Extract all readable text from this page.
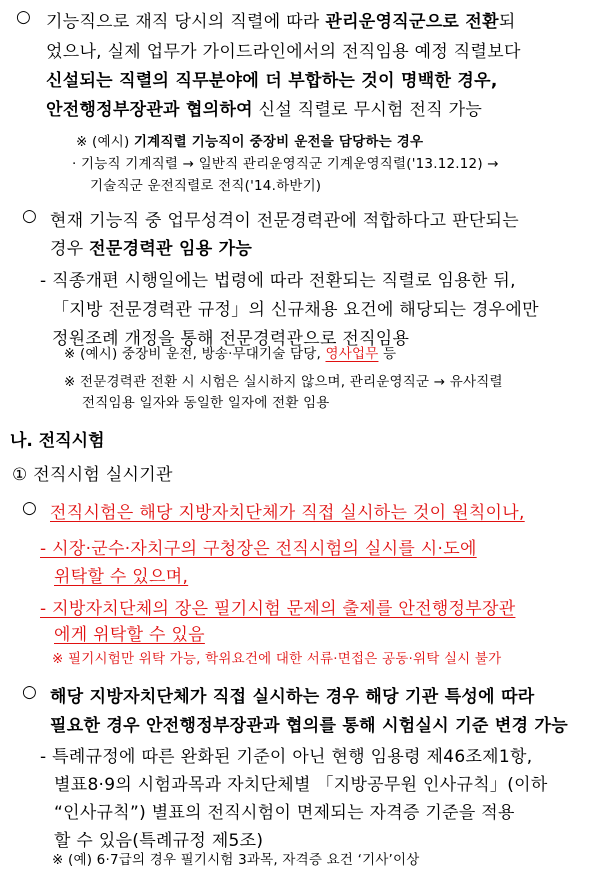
○ 기능직으로 재직 당시의 직렬에 따라 관리운영직군으로 전환되
었으나, 실제 업무가 가이드라인에서의 전직임용 예정 직렬보다
신설되는 직렬의 직무분야에 더 부합하는 것이 명백한 경우,
안전행정부장관과 협의하여 신설 직렬로 무시험 전직 가능
※ (예시) 기계직렬 기능직이 중장비 운전을 담당하는 경우
· 기능직 기계직렬 → 일반직 관리운영직군 기계운영직렬('13.12.12) →
기술직군 운전직렬로 전직('14.하반기)
○ 현재 기능직 중 업무성격이 전문경력관에 적합하다고 판단되는
경우 전문경력관 임용 가능
- 직종개편 시행일에는 법령에 따라 전환되는 직렬로 임용한 뒤,
「지방 전문경력관 규정」의 신규채용 요건에 해당되는 경우에만
정원조례 개정을 통해 전문경력관으로 전직임용
※ (예시) 중장비 운전, 방송·무대기술 담당, 영사업무 등
※ 전문경력관 전환 시 시험은 실시하지 않으며, 관리운영직군 → 유사직렬
전직임용 일자와 동일한 일자에 전환 임용
나. 전직시험
① 전직시험 실시기관
○ 전직시험은 해당 지방자치단체가 직접 실시하는 것이 원칙이나,
- 시장·군수·자치구의 구청장은 전직시험의 실시를 시·도에
위탁할 수 있으며,
- 지방자치단체의 장은 필기시험 문제의 출제를 안전행정부장관
에게 위탁할 수 있음
※ 필기시험만 위탁 가능, 학위요건에 대한 서류·면접은 공동·위탁 실시 불가
○ 해당 지방자치단체가 직접 실시하는 경우 해당 기관 특성에 따라
필요한 경우 안전행정부장관과 협의를 통해 시험실시 기준 변경 가능
- 특례규정에 따른 완화된 기준이 아닌 현행 임용령 제46조제1항,
별표8·9의 시험과목과 자치단체별 「지방공무원 인사규칙」(이하
“인사규칙”) 별표의 전직시험이 면제되는 자격증 기준을 적용
할 수 있음(특례규정 제5조)
※ (예) 6·7급의 경우 필기시험 3과목, 자격증 요건 ‘기사’이상
